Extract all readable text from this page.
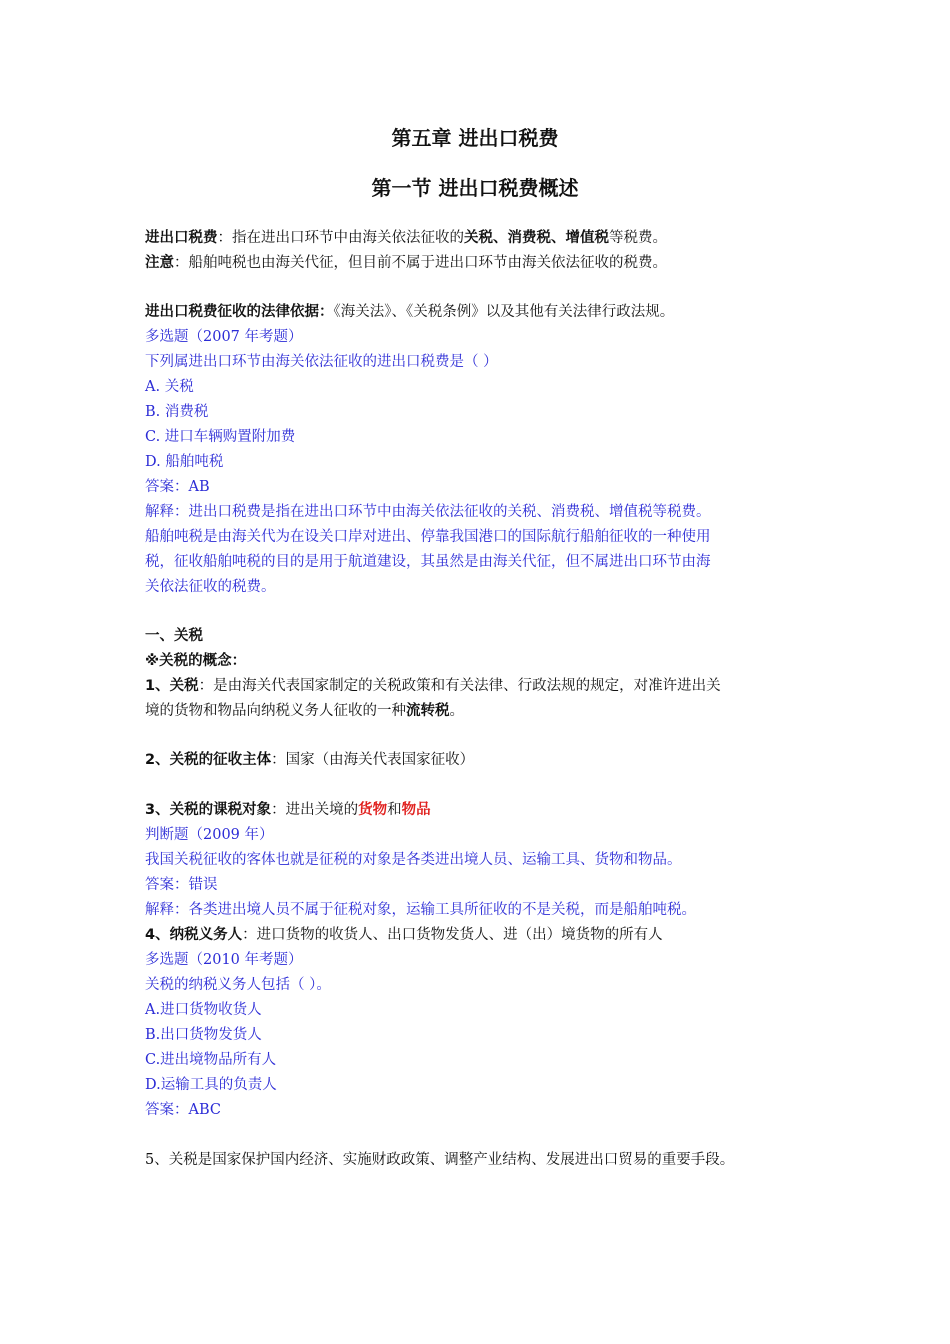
第五章 进出口税费
第一节 进出口税费概述
进出口税费：指在进出口环节中由海关依法征收的关税、消费税、增值税等税费。
注意：船舶吨税也由海关代征，但目前不属于进出口环节由海关依法征收的税费。
进出口税费征收的法律依据：《海关法》、《关税条例》以及其他有关法律行政法规。
多选题（2007 年考题）
下列属进出口环节由海关依法征收的进出口税费是（ ）
A. 关税
B. 消费税
C. 进口车辆购置附加费
D. 船舶吨税
答案：AB
解释：进出口税费是指在进出口环节中由海关依法征收的关税、消费税、增值税等税费。
船舶吨税是由海关代为在设关口岸对进出、停靠我国港口的国际航行船舶征收的一种使用
税，征收船舶吨税的目的是用于航道建设，其虽然是由海关代征，但不属进出口环节由海
关依法征收的税费。
一、关税
※关税的概念：
1、关税：是由海关代表国家制定的关税政策和有关法律、行政法规的规定，对准许进出关
境的货物和物品向纳税义务人征收的一种流转税。
2、关税的征收主体：国家（由海关代表国家征收）
3、关税的课税对象：进出关境的货物和物品
判断题（2009 年）
我国关税征收的客体也就是征税的对象是各类进出境人员、运输工具、货物和物品。
答案：错误
解释：各类进出境人员不属于征税对象，运输工具所征收的不是关税，而是船舶吨税。
4、纳税义务人：进口货物的收货人、出口货物发货人、进（出）境货物的所有人
多选题（2010 年考题）
关税的纳税义务人包括（ ）。
A.进口货物收货人
B.出口货物发货人
C.进出境物品所有人
D.运输工具的负责人
答案：ABC
5、关税是国家保护国内经济、实施财政政策、调整产业结构、发展进出口贸易的重要手段。
